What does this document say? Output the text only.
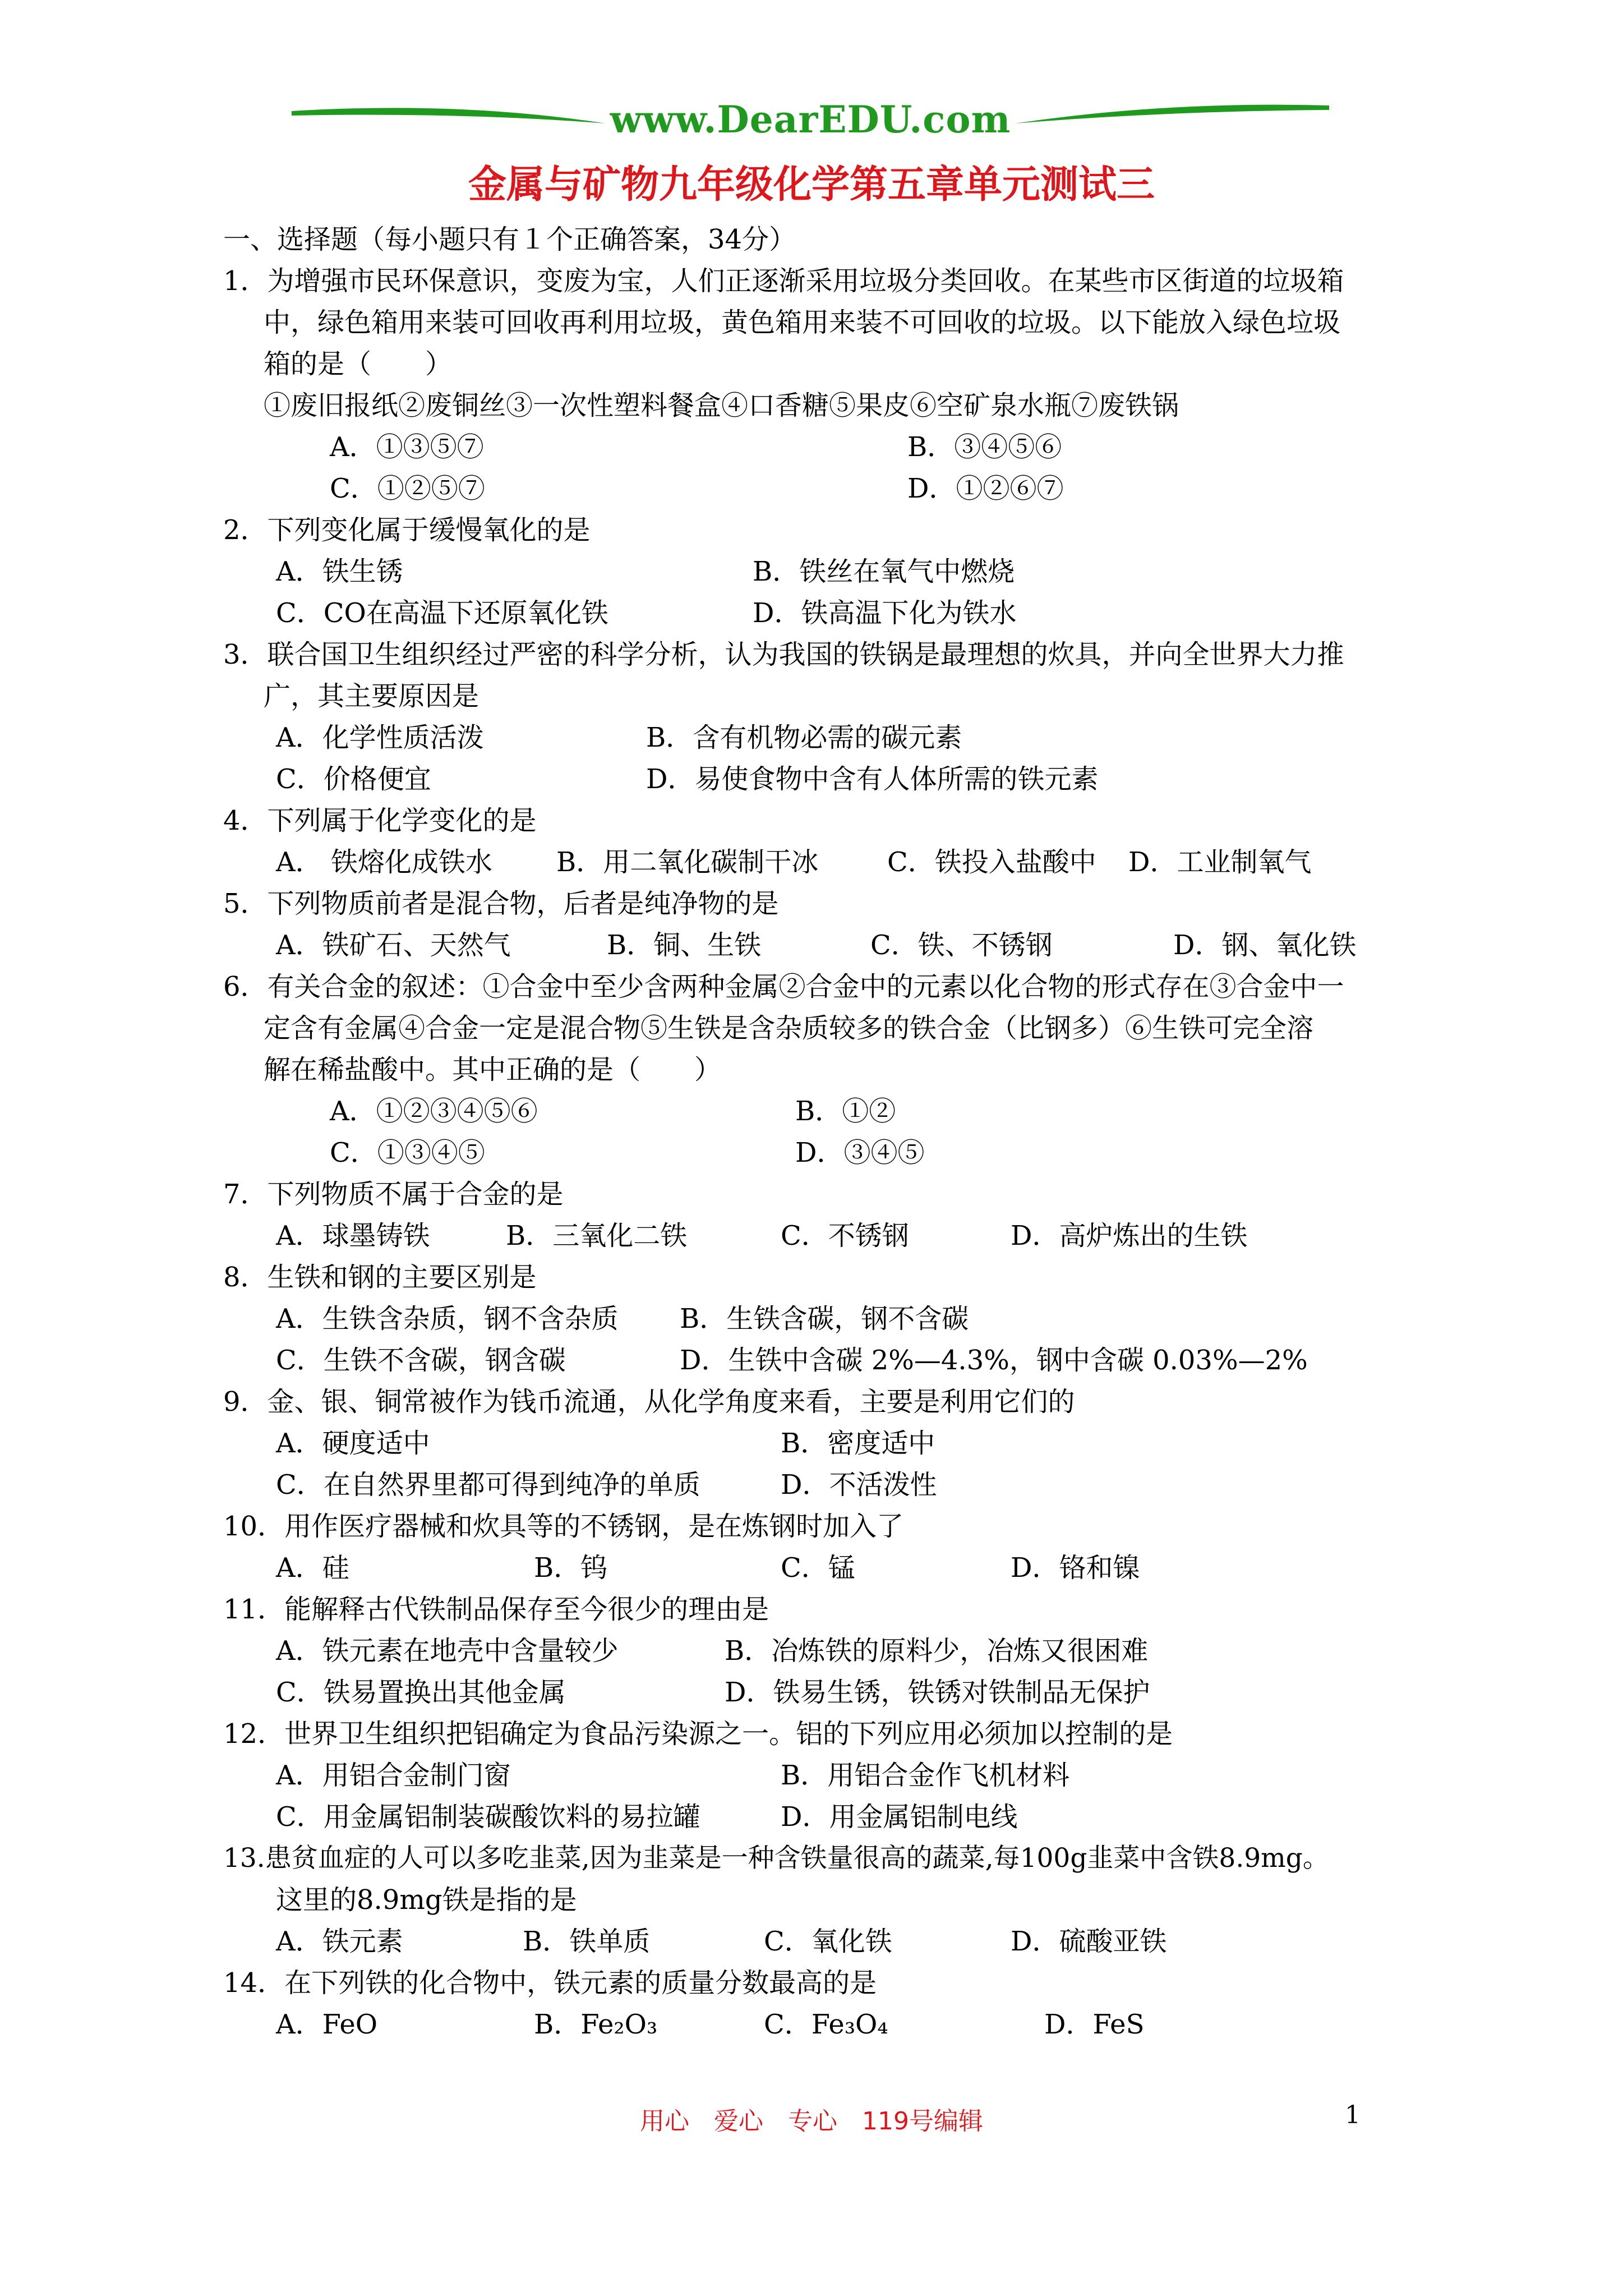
www.DearEDU.com
金属与矿物九年级化学第五章单元测试三
一、选择题（每小题只有１个正确答案，34分）
1．为增强市民环保意识，变废为宝，人们正逐渐采用垃圾分类回收。在某些市区街道的垃圾箱
中，绿色箱用来装可回收再利用垃圾，黄色箱用来装不可回收的垃圾。以下能放入绿色垃圾
箱的是（　　）
①废旧报纸②废铜丝③一次性塑料餐盒④口香糖⑤果皮⑥空矿泉水瓶⑦废铁锅
A．①③⑤⑦	B．③④⑤⑥
C．①②⑤⑦	D．①②⑥⑦
2．下列变化属于缓慢氧化的是
A．铁生锈	B．铁丝在氧气中燃烧
C．CO在高温下还原氧化铁	D．铁高温下化为铁水
3．联合国卫生组织经过严密的科学分析，认为我国的铁锅是最理想的炊具，并向全世界大力推
广，其主要原因是
A．化学性质活泼	B．含有机物必需的碳元素
C．价格便宜	D．易使食物中含有人体所需的铁元素
4．下列属于化学变化的是
A． 铁熔化成铁水 B．用二氧化碳制干冰	C．铁投入盐酸中 D．工业制氧气
5．下列物质前者是混合物，后者是纯净物的是
A．铁矿石、天然气	B．铜、生铁	C．铁、不锈钢	D．钢、氧化铁
6．有关合金的叙述：①合金中至少含两种金属②合金中的元素以化合物的形式存在③合金中一
定含有金属④合金一定是混合物⑤生铁是含杂质较多的铁合金（比钢多）⑥生铁可完全溶
解在稀盐酸中。其中正确的是（　　）
A．①②③④⑤⑥	B．①②
C．①③④⑤	D．③④⑤
7．下列物质不属于合金的是
A．球墨铸铁	B．三氧化二铁	C．不锈钢	D．高炉炼出的生铁
8．生铁和钢的主要区别是
A．生铁含杂质，钢不含杂质 B．生铁含碳，钢不含碳
C．生铁不含碳，钢含碳	D．生铁中含碳 2%—4.3%，钢中含碳 0.03%—2%
9．金、银、铜常被作为钱币流通，从化学角度来看，主要是利用它们的
A．硬度适中	B．密度适中
C．在自然界里都可得到纯净的单质	D．不活泼性
10．用作医疗器械和炊具等的不锈钢，是在炼钢时加入了
A．硅	B．钨	C．锰	D．铬和镍
11．能解释古代铁制品保存至今很少的理由是
A．铁元素在地壳中含量较少	B．冶炼铁的原料少，冶炼又很困难
C．铁易置换出其他金属	D．铁易生锈，铁锈对铁制品无保护
12．世界卫生组织把铝确定为食品污染源之一。铝的下列应用必须加以控制的是
A．用铝合金制门窗	B．用铝合金作飞机材料
C．用金属铝制装碳酸饮料的易拉罐	D．用金属铝制电线
13.患贫血症的人可以多吃韭菜,因为韭菜是一种含铁量很高的蔬菜,每100g韭菜中含铁8.9mg。
这里的8.9mg铁是指的是
A．铁元素	B．铁单质	C．氧化铁	D．硫酸亚铁
14．在下列铁的化合物中，铁元素的质量分数最高的是
A．FeO	B．Fe₂O₃	C．Fe₃O₄	D．FeS
用心　爱心　专心　119号编辑	1
